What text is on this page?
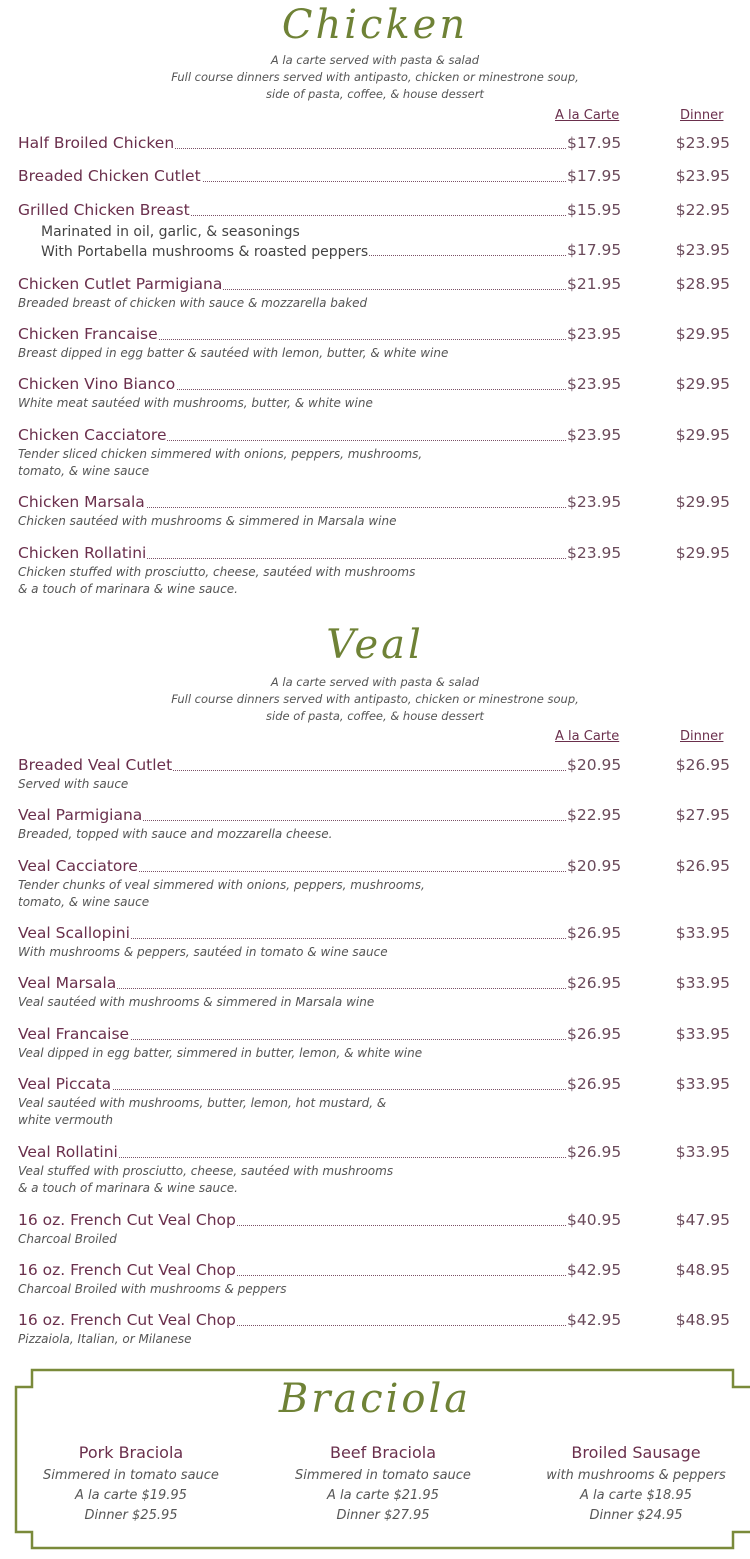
Chicken
A la carte served with pasta & salad
Full course dinners served with antipasto, chicken or minestrone soup,
side of pasta, coffee, & house dessert
A la Carte	Dinner
Half Broiled Chicken	$17.95	$23.95
Breaded Chicken Cutlet	$17.95	$23.95
Grilled Chicken Breast	$15.95	$22.95
Marinated in oil, garlic, & seasonings
With Portabella mushrooms & roasted peppers	$17.95	$23.95
Chicken Cutlet Parmigiana	$21.95	$28.95
Breaded breast of chicken with sauce & mozzarella baked
Chicken Francaise	$23.95	$29.95
Breast dipped in egg batter & sautéed with lemon, butter, & white wine
Chicken Vino Bianco	$23.95	$29.95
White meat sautéed with mushrooms, butter, & white wine
Chicken Cacciatore	$23.95	$29.95
Tender sliced chicken simmered with onions, peppers, mushrooms,
tomato, & wine sauce
Chicken Marsala	$23.95	$29.95
Chicken sautéed with mushrooms & simmered in Marsala wine
Chicken Rollatini	$23.95	$29.95
Chicken stuffed with prosciutto, cheese, sautéed with mushrooms
& a touch of marinara & wine sauce.
Veal
A la carte served with pasta & salad
Full course dinners served with antipasto, chicken or minestrone soup,
side of pasta, coffee, & house dessert
A la Carte	Dinner
Breaded Veal Cutlet	$20.95	$26.95
Served with sauce
Veal Parmigiana	$22.95	$27.95
Breaded, topped with sauce and mozzarella cheese.
Veal Cacciatore	$20.95	$26.95
Tender chunks of veal simmered with onions, peppers, mushrooms,
tomato, & wine sauce
Veal Scallopini	$26.95	$33.95
With mushrooms & peppers, sautéed in tomato & wine sauce
Veal Marsala	$26.95	$33.95
Veal sautéed with mushrooms & simmered in Marsala wine
Veal Francaise	$26.95	$33.95
Veal dipped in egg batter, simmered in butter, lemon, & white wine
Veal Piccata	$26.95	$33.95
Veal sautéed with mushrooms, butter, lemon, hot mustard, &
white vermouth
Veal Rollatini	$26.95	$33.95
Veal stuffed with prosciutto, cheese, sautéed with mushrooms
& a touch of marinara & wine sauce.
16 oz. French Cut Veal Chop	$40.95	$47.95
Charcoal Broiled
16 oz. French Cut Veal Chop	$42.95	$48.95
Charcoal Broiled with mushrooms & peppers
16 oz. French Cut Veal Chop	$42.95	$48.95
Pizzaiola, Italian, or Milanese
Braciola
Pork Braciola
Simmered in tomato sauce
A la carte $19.95
Dinner $25.95
Beef Braciola
Simmered in tomato sauce
A la carte $21.95
Dinner $27.95
Broiled Sausage
with mushrooms & peppers
A la carte $18.95
Dinner $24.95
